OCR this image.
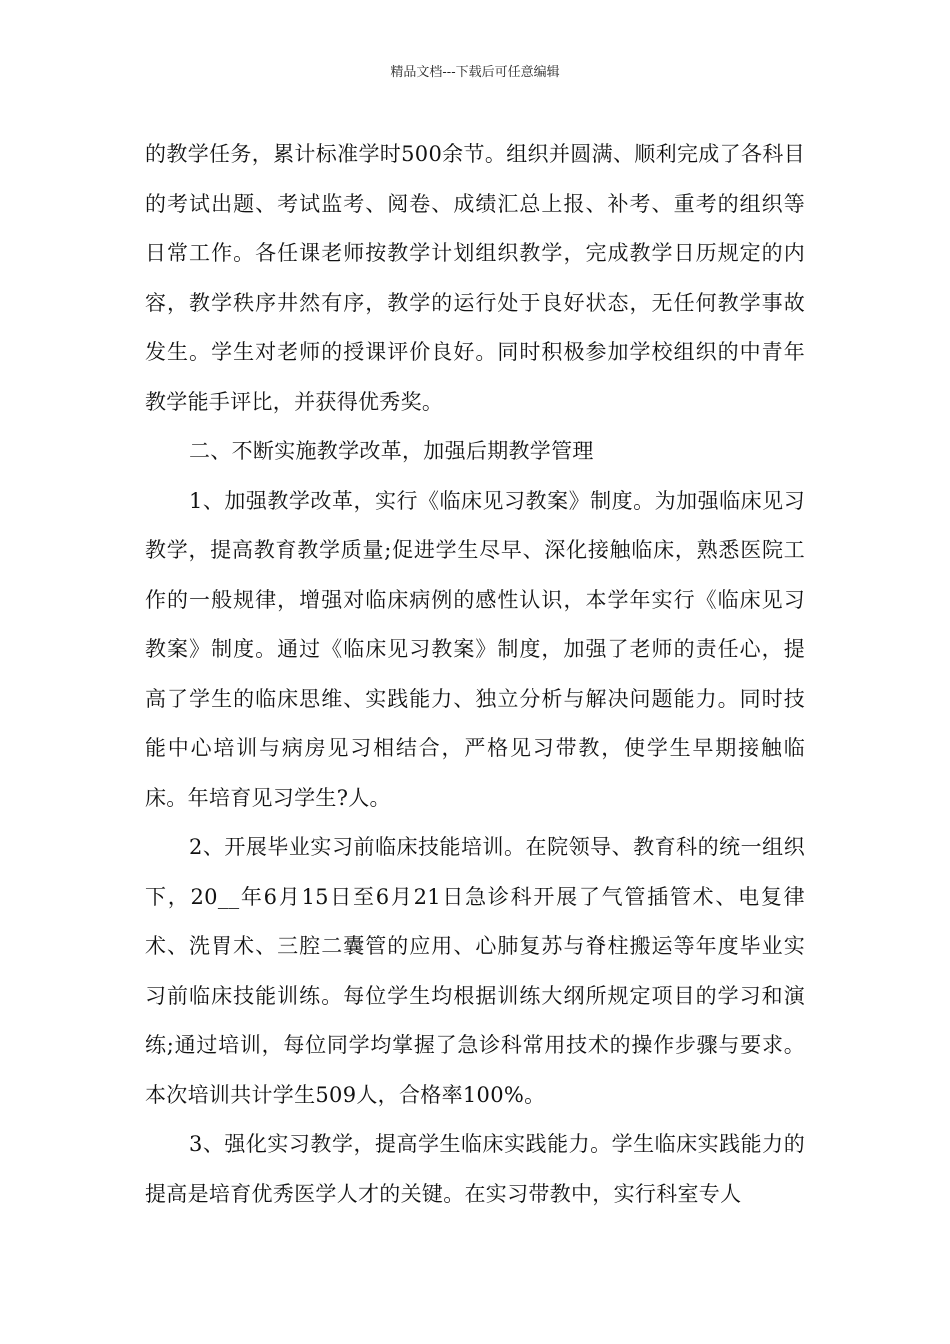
精品文档---下载后可任意编辑

的教学任务，累计标准学时500余节。组织并圆满、顺利完成了各科目的考试出题、考试监考、阅卷、成绩汇总上报、补考、重考的组织等日常工作。各任课老师按教学计划组织教学，完成教学日历规定的内容，教学秩序井然有序，教学的运行处于良好状态，无任何教学事故发生。学生对老师的授课评价良好。同时积极参加学校组织的中青年教学能手评比，并获得优秀奖。

二、不断实施教学改革，加强后期教学管理

1、加强教学改革，实行《临床见习教案》制度。为加强临床见习教学，提高教育教学质量;促进学生尽早、深化接触临床，熟悉医院工作的一般规律，增强对临床病例的感性认识，本学年实行《临床见习教案》制度。通过《临床见习教案》制度，加强了老师的责任心，提高了学生的临床思维、实践能力、独立分析与解决问题能力。同时技能中心培训与病房见习相结合，严格见习带教，使学生早期接触临床。年培育见习学生?人。

2、开展毕业实习前临床技能培训。在院领导、教育科的统一组织下，20__年6月15日至6月21日急诊科开展了气管插管术、电复律术、洗胃术、三腔二囊管的应用、心肺复苏与脊柱搬运等年度毕业实习前临床技能训练。每位学生均根据训练大纲所规定项目的学习和演练;通过培训，每位同学均掌握了急诊科常用技术的操作步骤与要求。本次培训共计学生509人，合格率100%。

3、强化实习教学，提高学生临床实践能力。学生临床实践能力的提高是培育优秀医学人才的关键。在实习带教中，实行科室专人
